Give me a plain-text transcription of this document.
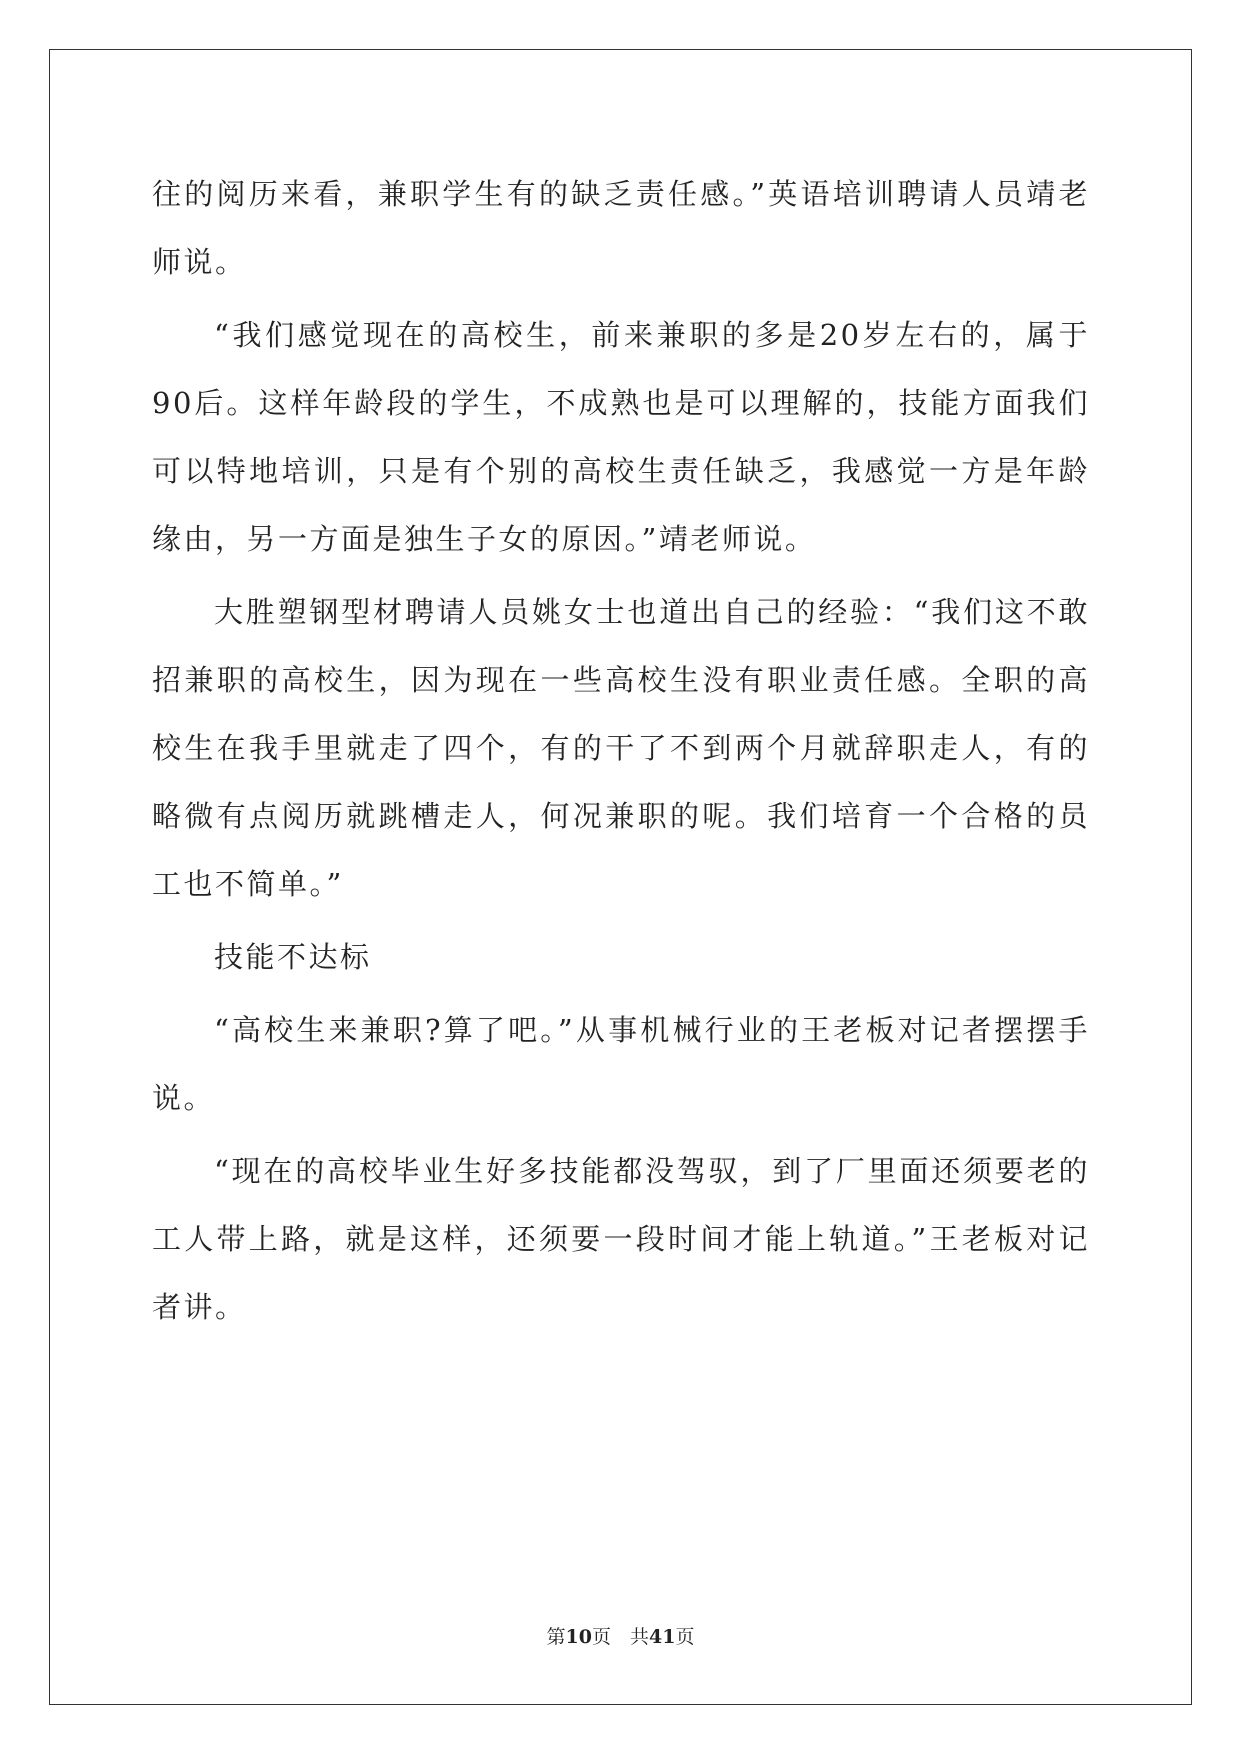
往的阅历来看，兼职学生有的缺乏责任感。”英语培训聘请人员靖老师说。

“我们感觉现在的高校生，前来兼职的多是20岁左右的，属于90后。这样年龄段的学生，不成熟也是可以理解的，技能方面我们可以特地培训，只是有个别的高校生责任缺乏，我感觉一方是年龄缘由，另一方面是独生子女的原因。”靖老师说。

大胜塑钢型材聘请人员姚女士也道出自己的经验：“我们这不敢招兼职的高校生，因为现在一些高校生没有职业责任感。全职的高校生在我手里就走了四个，有的干了不到两个月就辞职走人，有的略微有点阅历就跳槽走人，何况兼职的呢。我们培育一个合格的员工也不简单。”

技能不达标

“高校生来兼职?算了吧。”从事机械行业的王老板对记者摆摆手说。

“现在的高校毕业生好多技能都没驾驭，到了厂里面还须要老的工人带上路，就是这样，还须要一段时间才能上轨道。”王老板对记者讲。

第10页　共41页
